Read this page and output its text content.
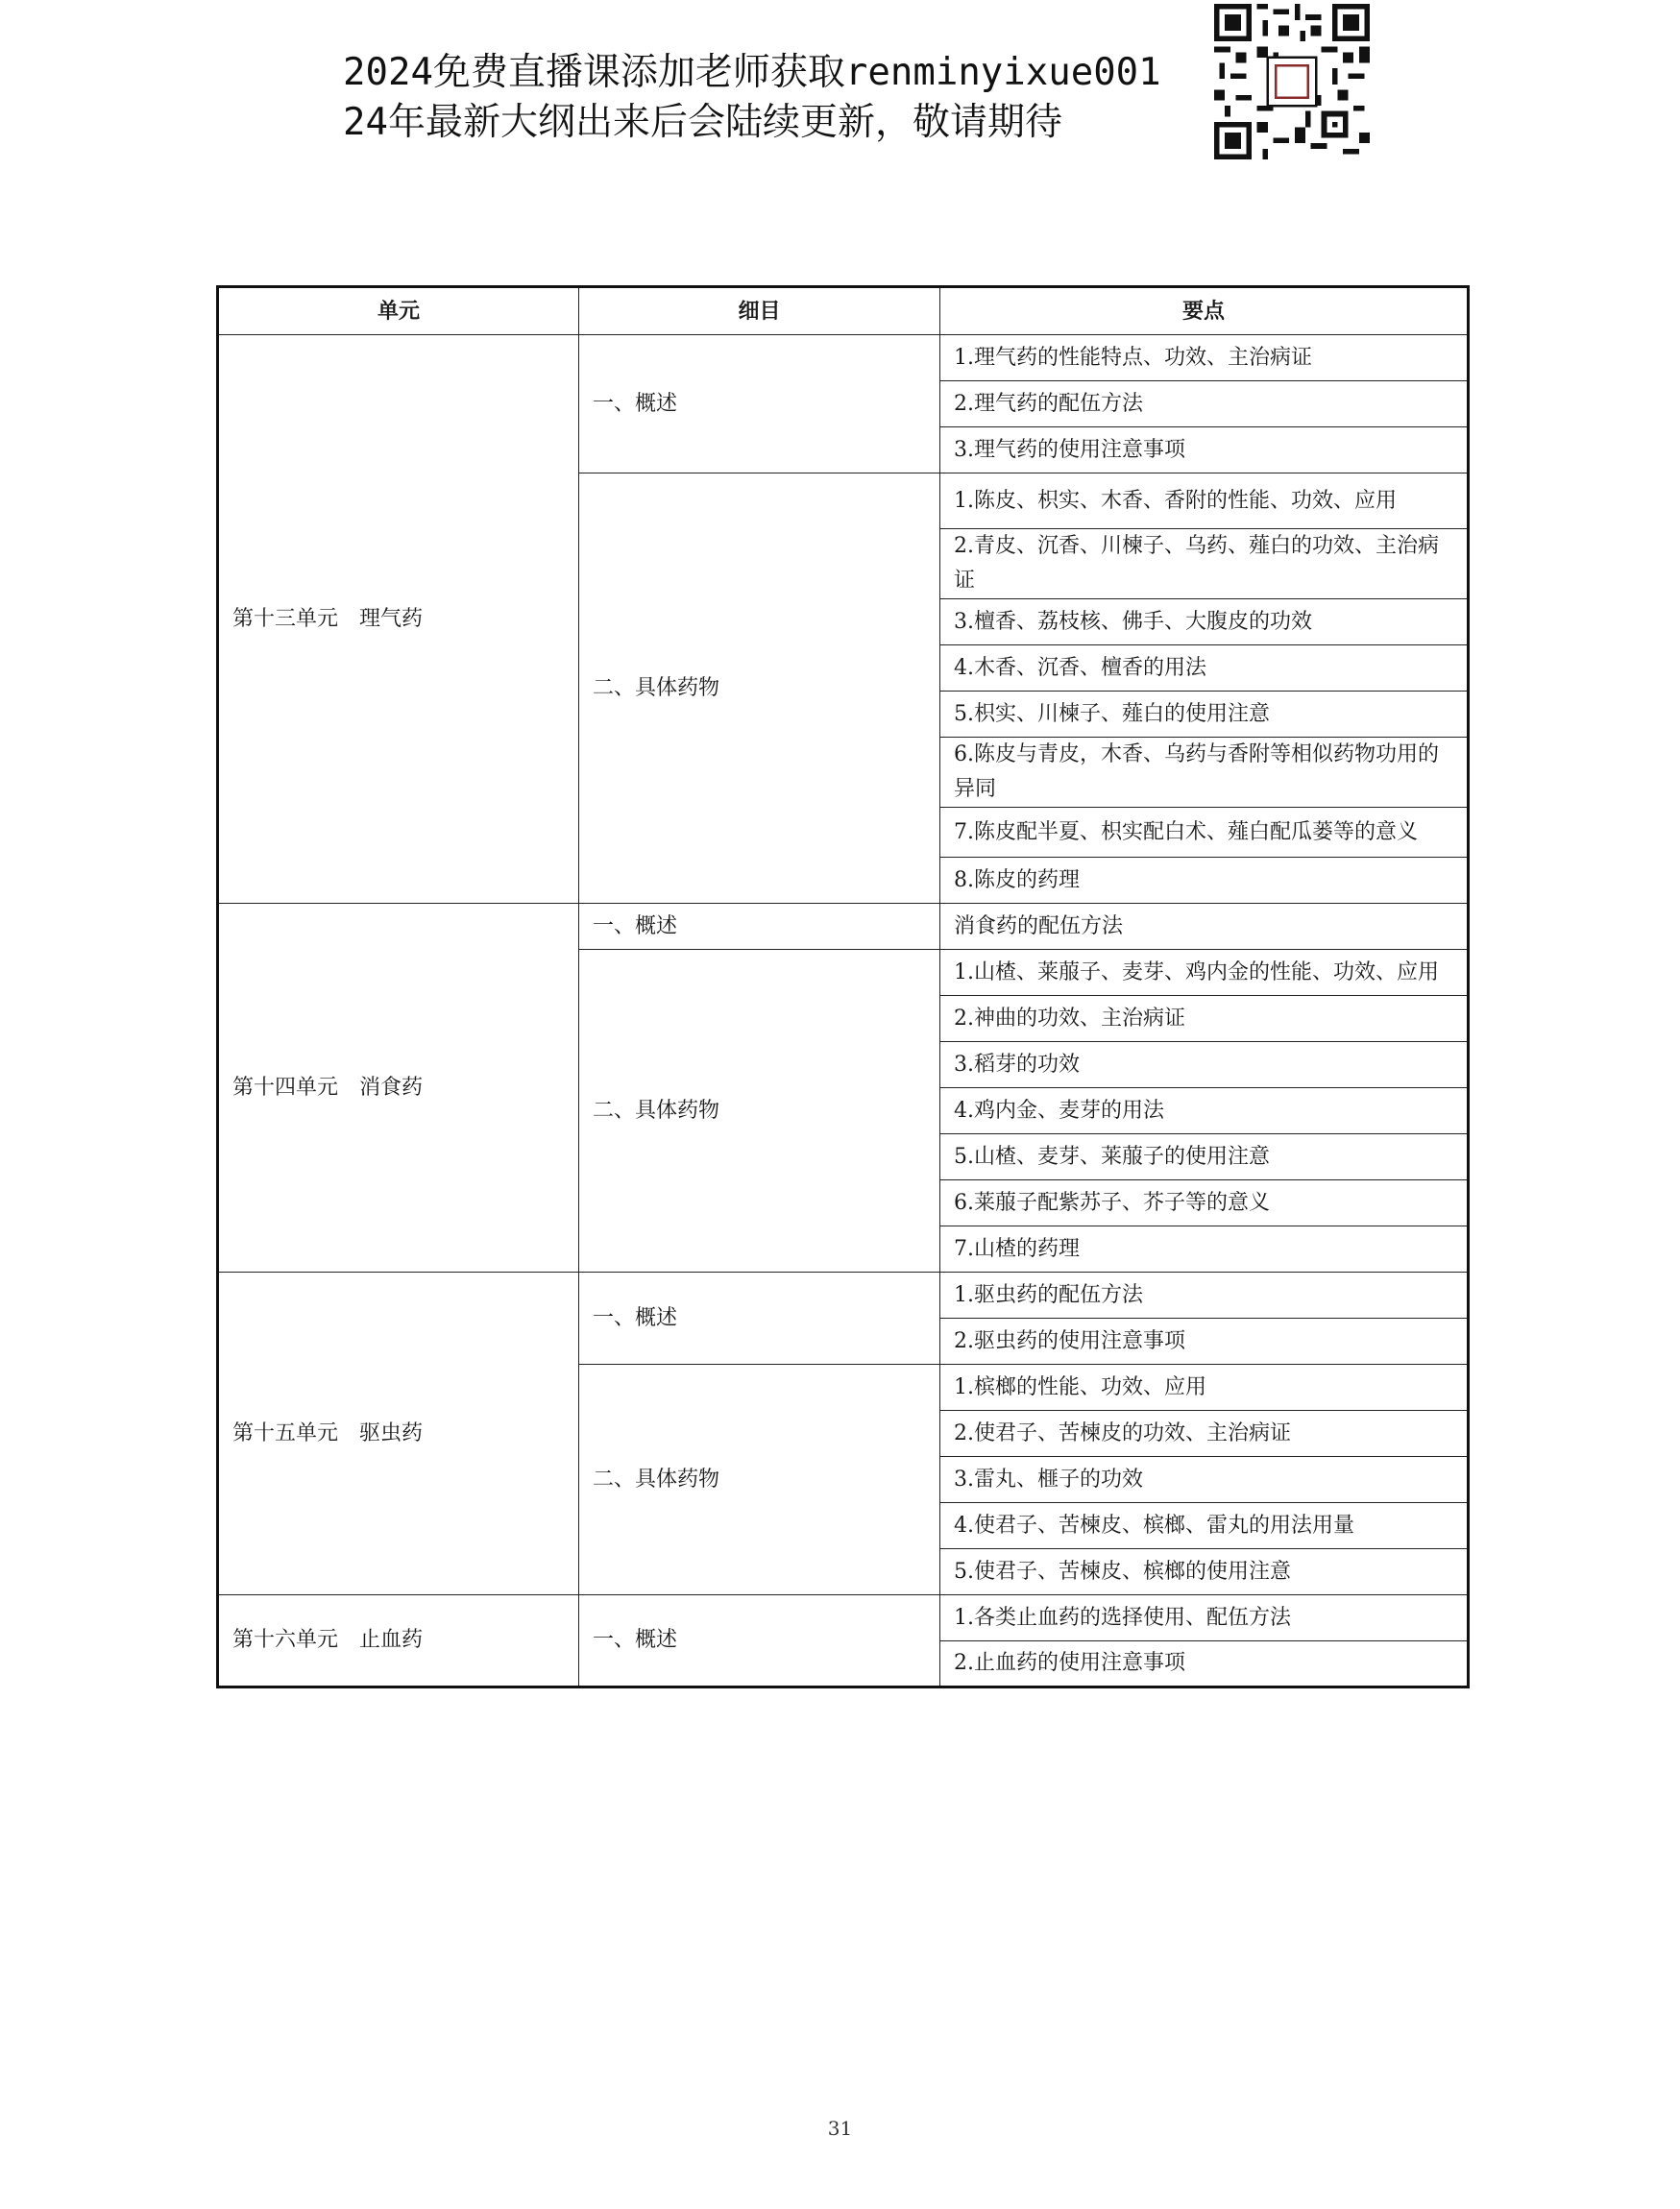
2024免费直播课添加老师获取renminyixue001
24年最新大纲出来后会陆续更新，敬请期待
单元	细目	要点
第十三单元　理气药	一、概述	1.理气药的性能特点、功效、主治病证
		2.理气药的配伍方法
		3.理气药的使用注意事项
	二、具体药物	1.陈皮、枳实、木香、香附的性能、功效、应用
		2.青皮、沉香、川楝子、乌药、薤白的功效、主治病证
		3.檀香、荔枝核、佛手、大腹皮的功效
		4.木香、沉香、檀香的用法
		5.枳实、川楝子、薤白的使用注意
		6.陈皮与青皮，木香、乌药与香附等相似药物功用的异同
		7.陈皮配半夏、枳实配白术、薤白配瓜蒌等的意义
		8.陈皮的药理
第十四单元　消食药	一、概述	消食药的配伍方法
	二、具体药物	1.山楂、莱菔子、麦芽、鸡内金的性能、功效、应用
		2.神曲的功效、主治病证
		3.稻芽的功效
		4.鸡内金、麦芽的用法
		5.山楂、麦芽、莱菔子的使用注意
		6.莱菔子配紫苏子、芥子等的意义
		7.山楂的药理
第十五单元　驱虫药	一、概述	1.驱虫药的配伍方法
		2.驱虫药的使用注意事项
	二、具体药物	1.槟榔的性能、功效、应用
		2.使君子、苦楝皮的功效、主治病证
		3.雷丸、榧子的功效
		4.使君子、苦楝皮、槟榔、雷丸的用法用量
		5.使君子、苦楝皮、槟榔的使用注意
第十六单元　止血药	一、概述	1.各类止血药的选择使用、配伍方法
		2.止血药的使用注意事项
31
